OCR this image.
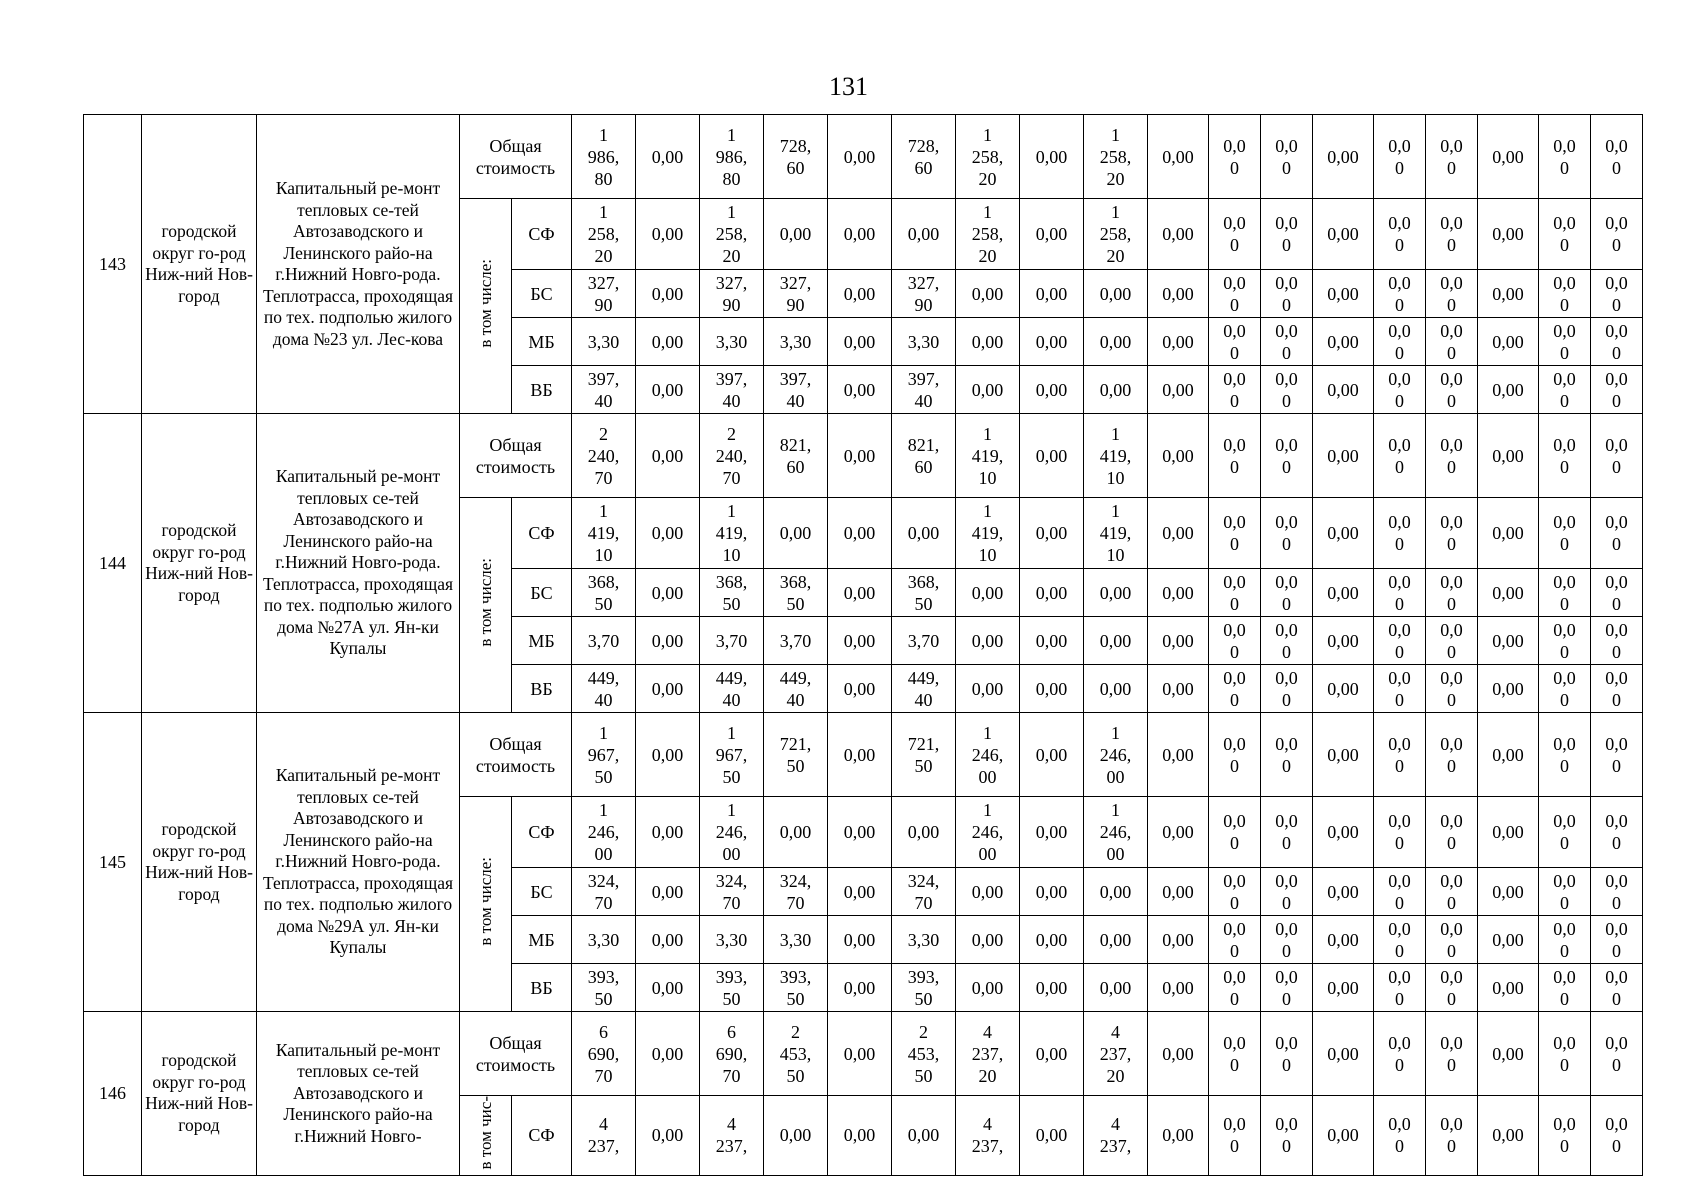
131
143	городской округ го-род Ниж-ний Нов-город	Капитальный ре-монт тепловых се-тей Автозаводского и Ленинского райо-на г.Нижний Новго-рода. Теплотрасса, проходящая по тех. подполью жилого дома №23 ул. Лес-кова	Общая стоимость		1
986,
80	0,00	1
986,
80	728,
60	0,00	728,
60	1
258,
20	0,00	1
258,
20	0,00	0,0
0	0,0
0	0,00	0,0
0	0,0
0	0,00	0,0
0	0,0
0
			в том числе:	СФ	1
258,
20	0,00	1
258,
20	0,00	0,00	0,00	1
258,
20	0,00	1
258,
20	0,00	0,0
0	0,0
0	0,00	0,0
0	0,0
0	0,00	0,0
0	0,0
0
				БС	327,
90	0,00	327,
90	327,
90	0,00	327,
90	0,00	0,00	0,00	0,00	0,0
0	0,0
0	0,00	0,0
0	0,0
0	0,00	0,0
0	0,0
0
				МБ	3,30	0,00	3,30	3,30	0,00	3,30	0,00	0,00	0,00	0,00	0,0
0	0,0
0	0,00	0,0
0	0,0
0	0,00	0,0
0	0,0
0
				ВБ	397,
40	0,00	397,
40	397,
40	0,00	397,
40	0,00	0,00	0,00	0,00	0,0
0	0,0
0	0,00	0,0
0	0,0
0	0,00	0,0
0	0,0
0
144	городской округ го-род Ниж-ний Нов-город	Капитальный ре-монт тепловых се-тей Автозаводского и Ленинского райо-на г.Нижний Новго-рода. Теплотрасса, проходящая по тех. подполью жилого дома №27А ул. Ян-ки Купалы	Общая стоимость		2
240,
70	0,00	2
240,
70	821,
60	0,00	821,
60	1
419,
10	0,00	1
419,
10	0,00	0,0
0	0,0
0	0,00	0,0
0	0,0
0	0,00	0,0
0	0,0
0
			в том числе:	СФ	1
419,
10	0,00	1
419,
10	0,00	0,00	0,00	1
419,
10	0,00	1
419,
10	0,00	0,0
0	0,0
0	0,00	0,0
0	0,0
0	0,00	0,0
0	0,0
0
				БС	368,
50	0,00	368,
50	368,
50	0,00	368,
50	0,00	0,00	0,00	0,00	0,0
0	0,0
0	0,00	0,0
0	0,0
0	0,00	0,0
0	0,0
0
				МБ	3,70	0,00	3,70	3,70	0,00	3,70	0,00	0,00	0,00	0,00	0,0
0	0,0
0	0,00	0,0
0	0,0
0	0,00	0,0
0	0,0
0
				ВБ	449,
40	0,00	449,
40	449,
40	0,00	449,
40	0,00	0,00	0,00	0,00	0,0
0	0,0
0	0,00	0,0
0	0,0
0	0,00	0,0
0	0,0
0
145	городской округ го-род Ниж-ний Нов-город	Капитальный ре-монт тепловых се-тей Автозаводского и Ленинского райо-на г.Нижний Новго-рода. Теплотрасса, проходящая по тех. подполью жилого дома №29А ул. Ян-ки Купалы	Общая стоимость		1
967,
50	0,00	1
967,
50	721,
50	0,00	721,
50	1
246,
00	0,00	1
246,
00	0,00	0,0
0	0,0
0	0,00	0,0
0	0,0
0	0,00	0,0
0	0,0
0
			в том числе:	СФ	1
246,
00	0,00	1
246,
00	0,00	0,00	0,00	1
246,
00	0,00	1
246,
00	0,00	0,0
0	0,0
0	0,00	0,0
0	0,0
0	0,00	0,0
0	0,0
0
				БС	324,
70	0,00	324,
70	324,
70	0,00	324,
70	0,00	0,00	0,00	0,00	0,0
0	0,0
0	0,00	0,0
0	0,0
0	0,00	0,0
0	0,0
0
				МБ	3,30	0,00	3,30	3,30	0,00	3,30	0,00	0,00	0,00	0,00	0,0
0	0,0
0	0,00	0,0
0	0,0
0	0,00	0,0
0	0,0
0
				ВБ	393,
50	0,00	393,
50	393,
50	0,00	393,
50	0,00	0,00	0,00	0,00	0,0
0	0,0
0	0,00	0,0
0	0,0
0	0,00	0,0
0	0,0
0
146	городской округ го-род Ниж-ний Нов-город	Капитальный ре-монт тепловых се-тей Автозаводского и Ленинского райо-на г.Нижний Новго-	Общая стоимость		6
690,
70	0,00	6
690,
70	2
453,
50	0,00	2
453,
50	4
237,
20	0,00	4
237,
20	0,00	0,0
0	0,0
0	0,00	0,0
0	0,0
0	0,00	0,0
0	0,0
0
			в том чис-	СФ	4
237,	0,00	4
237,	0,00	0,00	0,00	4
237,	0,00	4
237,	0,00	0,0
0	0,0
0	0,00	0,0
0	0,0
0	0,00	0,0
0	0,0
0
